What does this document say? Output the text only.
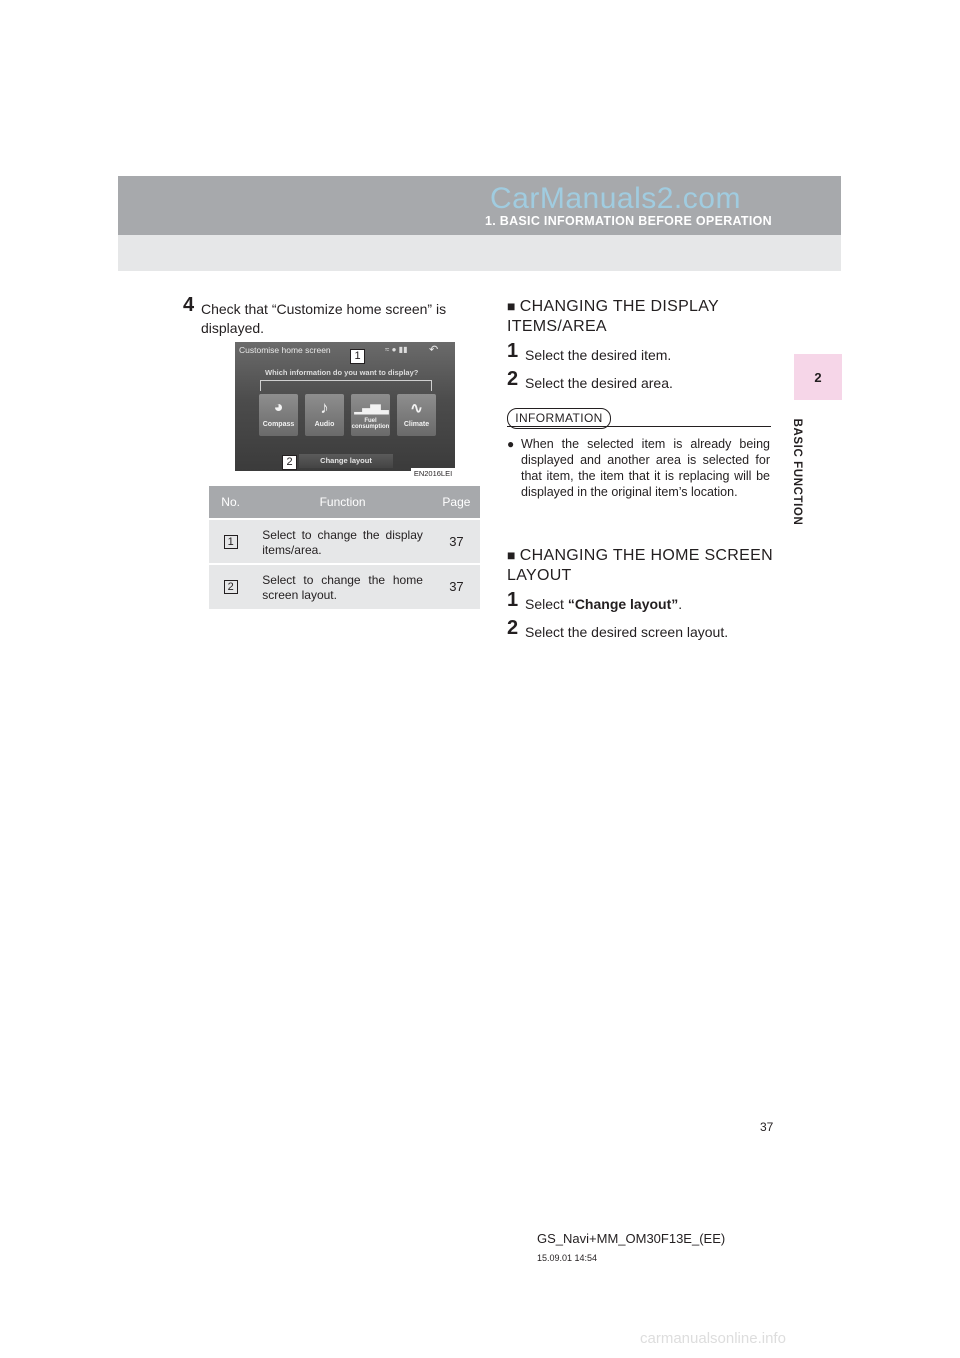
CarManuals2.com
1. BASIC INFORMATION BEFORE OPERATION
2
BASIC FUNCTION
4 Check that “Customize home screen” is displayed.
Customise home screen	≈ ● ▮▮ ↶
Which information do you want to display?
◕
Compass
♪
Audio
▁▃▅▂
Fuel consumption
∿
Climate
Change layout
1
2
EN2016LEI
No.	Function	Page
1	Select to change the display items/area.	37
2	Select to change the home screen layout.	37
■ CHANGING THE DISPLAY ITEMS/AREA
1 Select the desired item.
2 Select the desired area.
INFORMATION
● When the selected item is already being displayed and another area is selected for that item, the item that it is replacing will be displayed in the original item’s location.
■ CHANGING THE HOME SCREEN LAYOUT
1 Select “Change layout”.
2 Select the desired screen layout.
37
GS_Navi+MM_OM30F13E_(EE)
15.09.01 14:54
carmanualsonline.info
